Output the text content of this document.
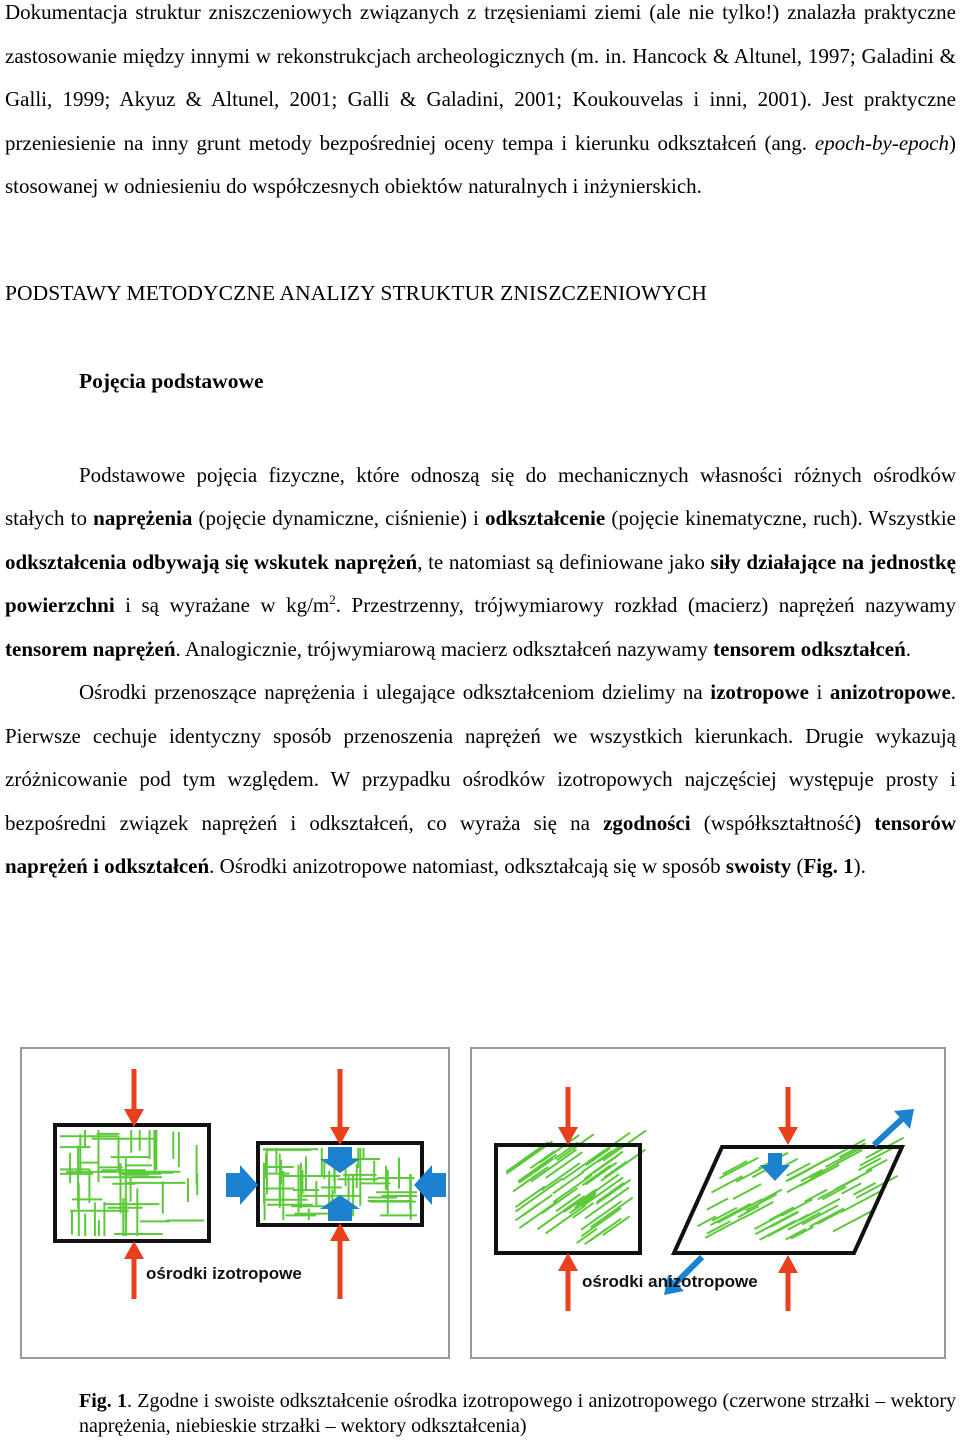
Dokumentacja struktur zniszczeniowych związanych z trzęsieniami ziemi (ale nie tylko!) znalazła praktyczne zastosowanie między innymi w rekonstrukcjach archeologicznych (m. in. Hancock & Altunel, 1997; Galadini & Galli, 1999; Akyuz & Altunel, 2001; Galli & Galadini, 2001; Koukouvelas i inni, 2001). Jest praktyczne przeniesienie na inny grunt metody bezpośredniej oceny tempa i kierunku odkształceń (ang. epoch-by-epoch) stosowanej w odniesieniu do współczesnych obiektów naturalnych i inżynierskich.

PODSTAWY METODYCZNE ANALIZY STRUKTUR ZNISZCZENIOWYCH
Pojęcia podstawowe

Podstawowe pojęcia fizyczne, które odnoszą się do mechanicznych własności różnych ośrodków stałych to naprężenia (pojęcie dynamiczne, ciśnienie) i odkształcenie (pojęcie kinematyczne, ruch). Wszystkie odkształcenia odbywają się wskutek naprężeń, te natomiast są definiowane jako siły działające na jednostkę powierzchni i są wyrażane w $kg/m^2$. Przestrzenny, trójwymiarowy rozkład (macierz) naprężeń nazywamy tensorem naprężeń. Analogicznie, trójwymiarową macierz odkształceń nazywamy tensorem odkształceń.

Ośrodki przenoszące naprężenia i ulegające odkształceniom dzielimy na izotropowe i anizotropowe. Pierwsze cechuje identyczny sposób przenoszenia naprężeń we wszystkich kierunkach. Drugie wykazują zróżnicowanie pod tym względem. W przypadku ośrodków izotropowych najczęściej występuje prosty i bezpośredni związek naprężeń i odkształceń, co wyraża się na zgodności (współkształtność) tensorów naprężeń i odkształceń. Ośrodki anizotropowe natomiast, odkształcają się w sposób swoisty (Fig. 1).

ośrodki izotropowe	ośrodki anizotropowe

Fig. 1. Zgodne i swoiste odkształcenie ośrodka izotropowego i anizotropowego (czerwone strzałki – wektory naprężenia, niebieskie strzałki – wektory odkształcenia)
